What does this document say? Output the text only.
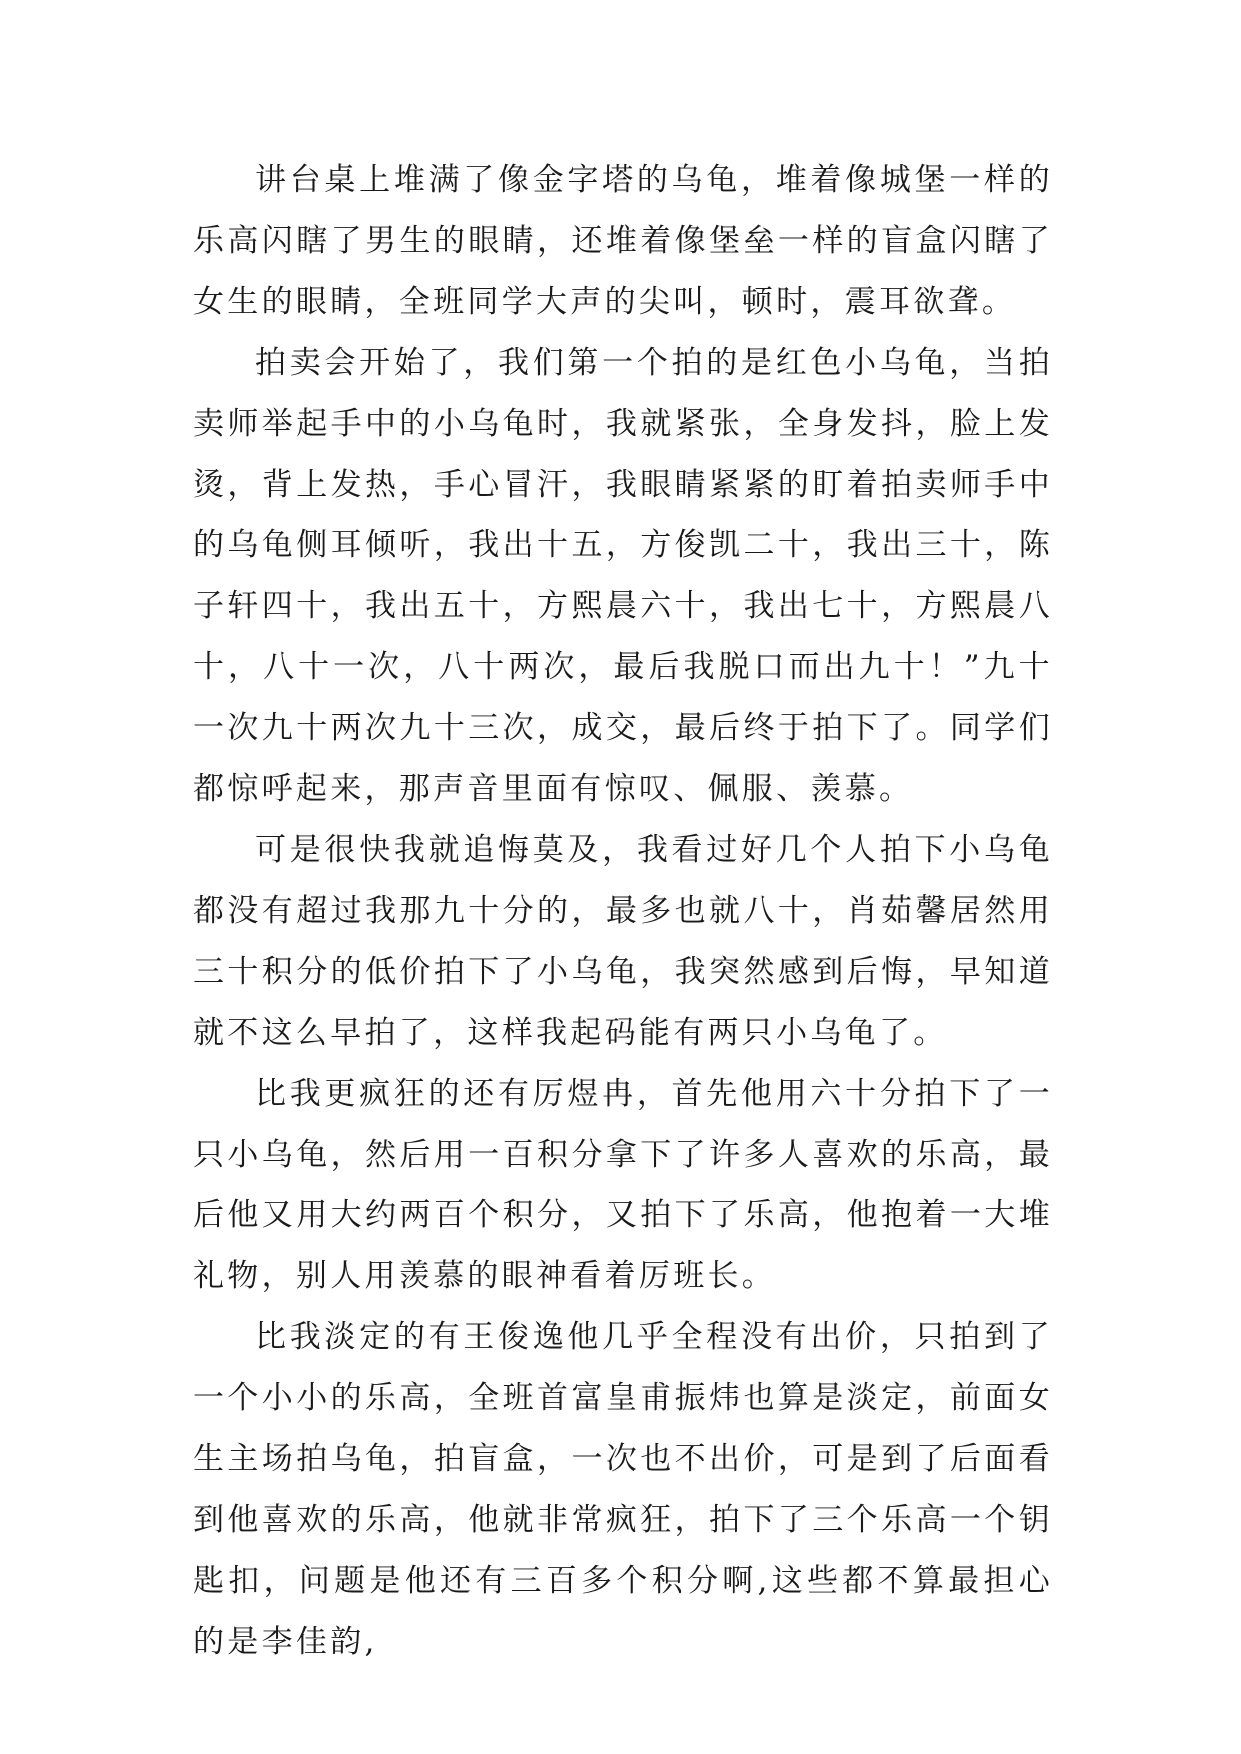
讲台桌上堆满了像金字塔的乌龟，堆着像城堡一样的乐高闪瞎了男生的眼睛，还堆着像堡垒一样的盲盒闪瞎了女生的眼睛，全班同学大声的尖叫，顿时，震耳欲聋。

拍卖会开始了，我们第一个拍的是红色小乌龟，当拍卖师举起手中的小乌龟时，我就紧张，全身发抖，脸上发烫，背上发热，手心冒汗，我眼睛紧紧的盯着拍卖师手中的乌龟侧耳倾听，我出十五，方俊凯二十，我出三十，陈子轩四十，我出五十，方熙晨六十，我出七十，方熙晨八十，八十一次，八十两次，最后我脱口而出九十！”九十一次九十两次九十三次，成交，最后终于拍下了。同学们都惊呼起来，那声音里面有惊叹、佩服、羡慕。

可是很快我就追悔莫及，我看过好几个人拍下小乌龟都没有超过我那九十分的，最多也就八十，肖茹馨居然用三十积分的低价拍下了小乌龟，我突然感到后悔，早知道就不这么早拍了，这样我起码能有两只小乌龟了。

比我更疯狂的还有厉煜冉，首先他用六十分拍下了一只小乌龟，然后用一百积分拿下了许多人喜欢的乐高，最后他又用大约两百个积分，又拍下了乐高，他抱着一大堆礼物，别人用羡慕的眼神看着厉班长。

比我淡定的有王俊逸他几乎全程没有出价，只拍到了一个小小的乐高，全班首富皇甫振炜也算是淡定，前面女生主场拍乌龟，拍盲盒，一次也不出价，可是到了后面看到他喜欢的乐高，他就非常疯狂，拍下了三个乐高一个钥匙扣，问题是他还有三百多个积分啊,这些都不算最担心的是李佳韵,
